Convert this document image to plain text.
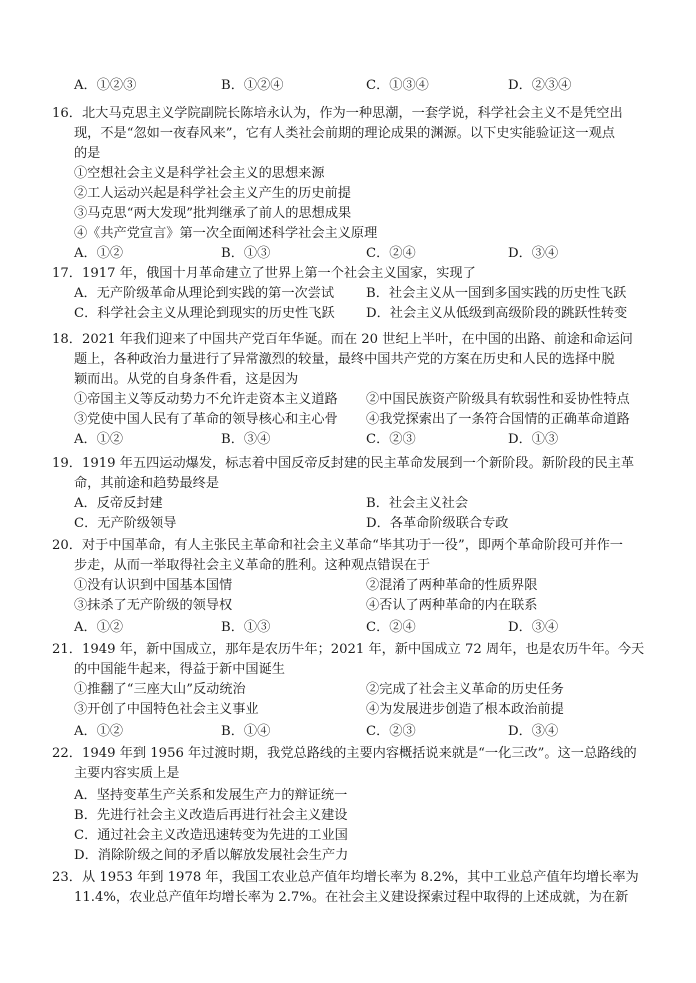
A．①②③	B．①②④	C．①③④	D．②③④
16．北大马克思主义学院副院长陈培永认为，作为一种思潮，一套学说，科学社会主义不是凭空出
现，不是“忽如一夜春风来”，它有人类社会前期的理论成果的渊源。以下史实能验证这一观点
的是
①空想社会主义是科学社会主义的思想来源
②工人运动兴起是科学社会主义产生的历史前提
③马克思“两大发现”批判继承了前人的思想成果
④《共产党宣言》第一次全面阐述科学社会主义原理
A．①②	B．①③	C．②④	D．③④
17．1917 年，俄国十月革命建立了世界上第一个社会主义国家，实现了
A．无产阶级革命从理论到实践的第一次尝试 B．社会主义从一国到多国实践的历史性飞跃
C．科学社会主义从理论到现实的历史性飞跃 D．社会主义从低级到高级阶段的跳跃性转变
18．2021 年我们迎来了中国共产党百年华诞。而在 20 世纪上半叶，在中国的出路、前途和命运问
题上，各种政治力量进行了异常激烈的较量，最终中国共产党的方案在历史和人民的选择中脱
颖而出。从党的自身条件看，这是因为
①帝国主义等反动势力不允许走资本主义道路 ②中国民族资产阶级具有软弱性和妥协性特点
③党使中国人民有了革命的领导核心和主心骨 ④我党探索出了一条符合国情的正确革命道路
A．①②	B．③④	C．②③	D．①③
19．1919 年五四运动爆发，标志着中国反帝反封建的民主革命发展到一个新阶段。新阶段的民主革
命，其前途和趋势最终是
A．反帝反封建	B．社会主义社会
C．无产阶级领导	D．各革命阶级联合专政
20．对于中国革命，有人主张民主革命和社会主义革命“毕其功于一役”，即两个革命阶段可并作一
步走，从而一举取得社会主义革命的胜利。这种观点错误在于
①没有认识到中国基本国情	②混淆了两种革命的性质界限
③抹杀了无产阶级的领导权	④否认了两种革命的内在联系
A．①②	B．①③	C．②④	D．③④
21．1949 年，新中国成立，那年是农历牛年；2021 年，新中国成立 72 周年，也是农历牛年。今天
的中国能牛起来，得益于新中国诞生
①推翻了“三座大山”反动统治	②完成了社会主义革命的历史任务
③开创了中国特色社会主义事业	④为发展进步创造了根本政治前提
A．①②	B．①④	C．②③	D．③④
22．1949 年到 1956 年过渡时期，我党总路线的主要内容概括说来就是“一化三改”。这一总路线的
主要内容实质上是
A．坚持变革生产关系和发展生产力的辩证统一
B．先进行社会主义改造后再进行社会主义建设
C．通过社会主义改造迅速转变为先进的工业国
D．消除阶级之间的矛盾以解放发展社会生产力
23．从 1953 年到 1978 年，我国工农业总产值年均增长率为 8.2%，其中工业总产值年均增长率为
11.4%，农业总产值年均增长率为 2.7%。在社会主义建设探索过程中取得的上述成就，为在新
